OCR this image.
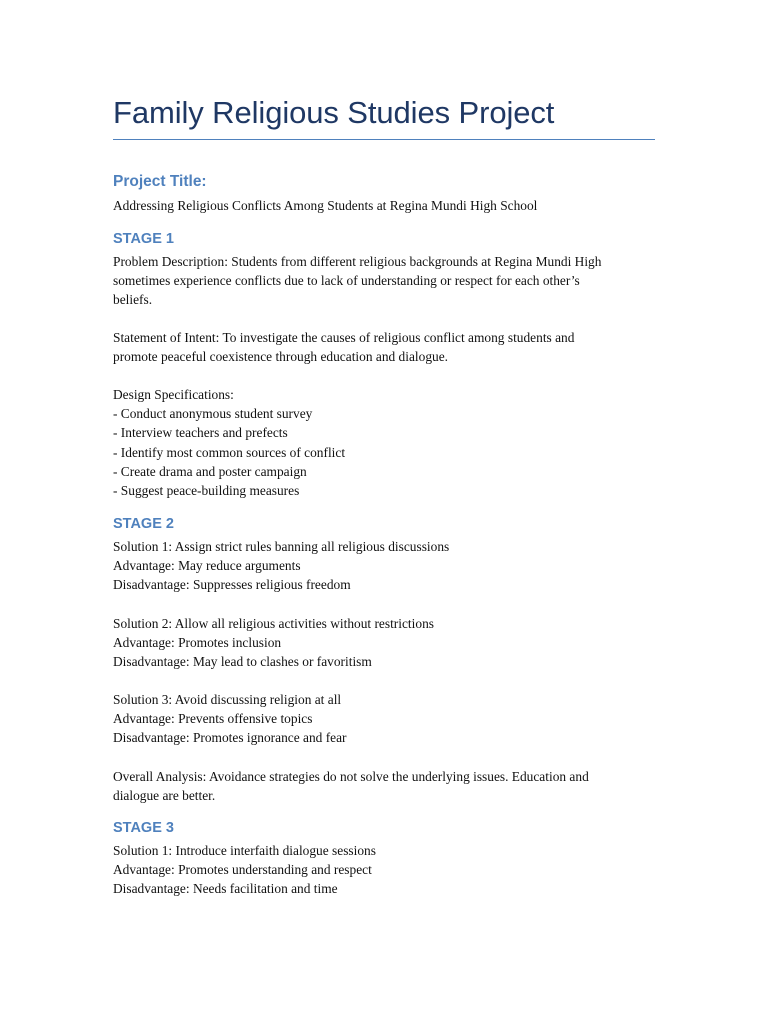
Family Religious Studies Project
Project Title:

Addressing Religious Conflicts Among Students at Regina Mundi High School

STAGE 1
Problem Description: Students from different religious backgrounds at Regina Mundi High
sometimes experience conflicts due to lack of understanding or respect for each other’s
beliefs.
Statement of Intent: To investigate the causes of religious conflict among students and
promote peaceful coexistence through education and dialogue.
Design Specifications:
- Conduct anonymous student survey
- Interview teachers and prefects
- Identify most common sources of conflict
- Create drama and poster campaign
- Suggest peace-building measures
STAGE 2
Solution 1: Assign strict rules banning all religious discussions
Advantage: May reduce arguments
Disadvantage: Suppresses religious freedom
Solution 2: Allow all religious activities without restrictions
Advantage: Promotes inclusion
Disadvantage: May lead to clashes or favoritism
Solution 3: Avoid discussing religion at all
Advantage: Prevents offensive topics
Disadvantage: Promotes ignorance and fear
Overall Analysis: Avoidance strategies do not solve the underlying issues. Education and
dialogue are better.
STAGE 3
Solution 1: Introduce interfaith dialogue sessions
Advantage: Promotes understanding and respect
Disadvantage: Needs facilitation and time
